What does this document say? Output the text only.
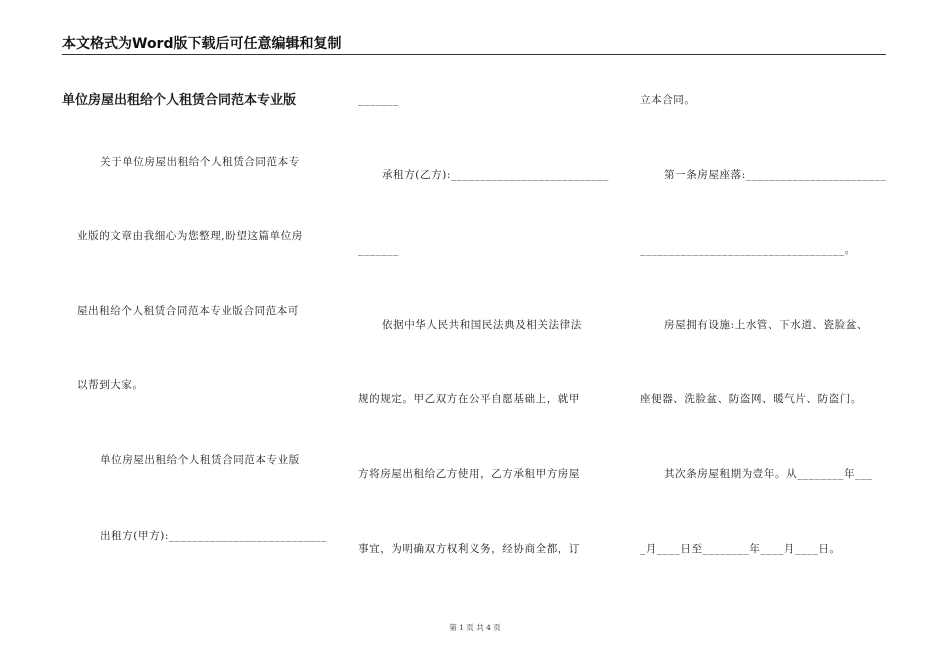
本文格式为Word版下载后可任意编辑和复制
单位房屋出租给个人租赁合同范本专业版
关于单位房屋出租给个人租赁合同范本专
业版的文章由我细心为您整理,盼望这篇单位房
屋出租给个人租赁合同范本专业版合同范本可
以帮到大家。
单位房屋出租给个人租赁合同范本专业版
出租方(甲方):___________________________
_______
承租方(乙方):___________________________
_______
依据中华人民共和国民法典及相关法律法
规的规定。甲乙双方在公平自愿基础上，就甲
方将房屋出租给乙方使用，乙方承租甲方房屋
事宜，为明确双方权利义务，经协商全都，订
立本合同。
第一条房屋座落:________________________
___________________________________。
房屋拥有设施:上水管、下水道、瓷脸盆、
座便器、洗脸盆、防盗网、暖气片、防盗门。
其次条房屋租期为壹年。从________年___
_月____日至________年____月____日。
第 1 页 共 4 页
